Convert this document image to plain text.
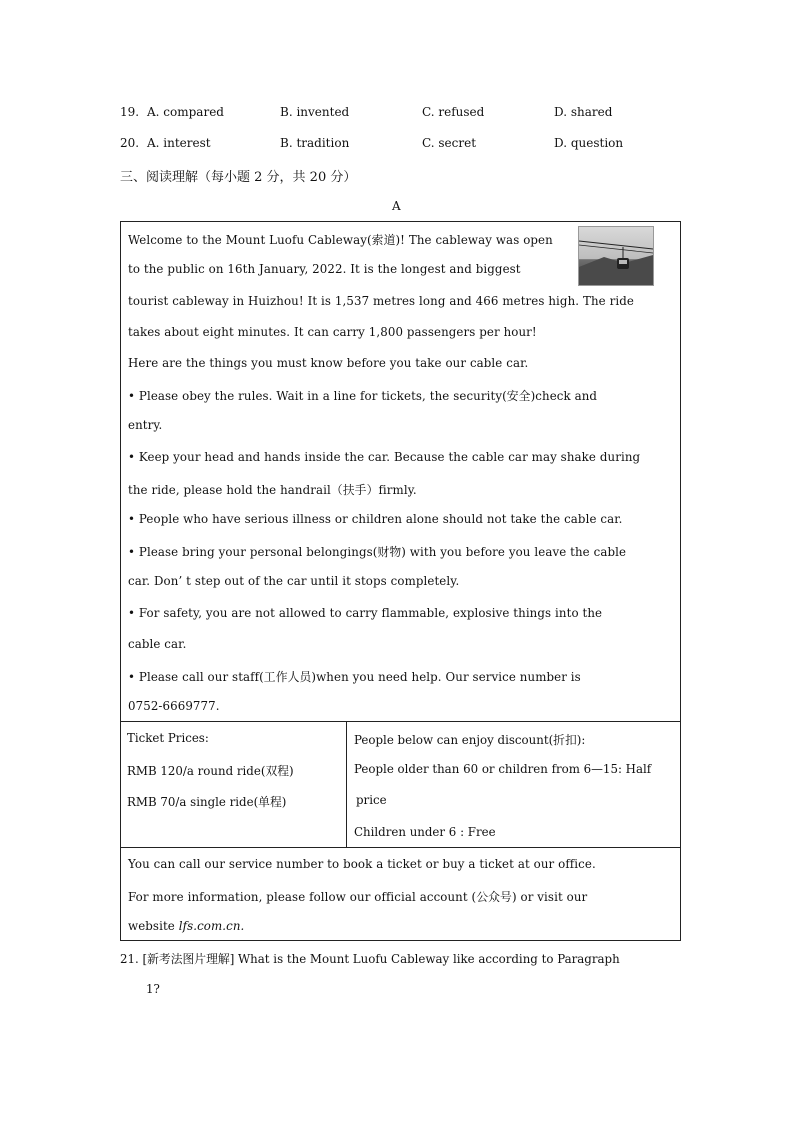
19. A. compared	B. invented	C. refused	D. shared
20. A. interest	B. tradition	C. secret	D. question
三、阅读理解（每小题 2 分，共 20 分）
A
Welcome to the Mount Luofu Cableway(索道)! The cableway was open
to the public on 16th January, 2022. It is the longest and biggest
tourist cableway in Huizhou! It is 1,537 metres long and 466 metres high. The ride
takes about eight minutes. It can carry 1,800 passengers per hour!
Here are the things you must know before you take our cable car.
• Please obey the rules. Wait in a line for tickets, the security(安全)check and
entry.
• Keep your head and hands inside the car. Because the cable car may shake during
the ride, please hold the handrail（扶手）firmly.
• People who have serious illness or children alone should not take the cable car.
• Please bring your personal belongings(财物) with you before you leave the cable
car. Don’ t step out of the car until it stops completely.
• For safety, you are not allowed to carry flammable, explosive things into the
cable car.
• Please call our staff(工作人员)when you need help. Our service number is
0752-6669777.
Ticket Prices:
RMB 120/a round ride(双程)
RMB 70/a single ride(单程)
People below can enjoy discount(折扣):
People older than 60 or children from 6—15: Half
price
Children under 6 : Free
You can call our service number to book a ticket or buy a ticket at our office.
For more information, please follow our official account (公众号) or visit our
website lfs.com.cn.
21. [新考法图片理解] What is the Mount Luofu Cableway like according to Paragraph
1?
